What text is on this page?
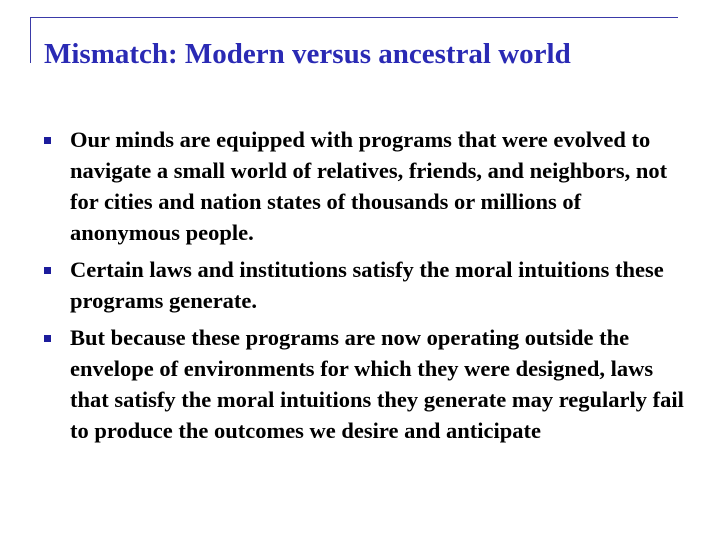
Mismatch: Modern versus ancestral world
Our minds are equipped with programs that were evolved to navigate a small world of relatives, friends, and neighbors, not for cities and nation states of thousands or millions of anonymous people.
Certain laws and institutions satisfy the moral intuitions these programs generate.
But because these programs are now operating outside the envelope of environments for which they were designed, laws that satisfy the moral intuitions they generate may regularly fail to produce the outcomes we desire and anticipate
